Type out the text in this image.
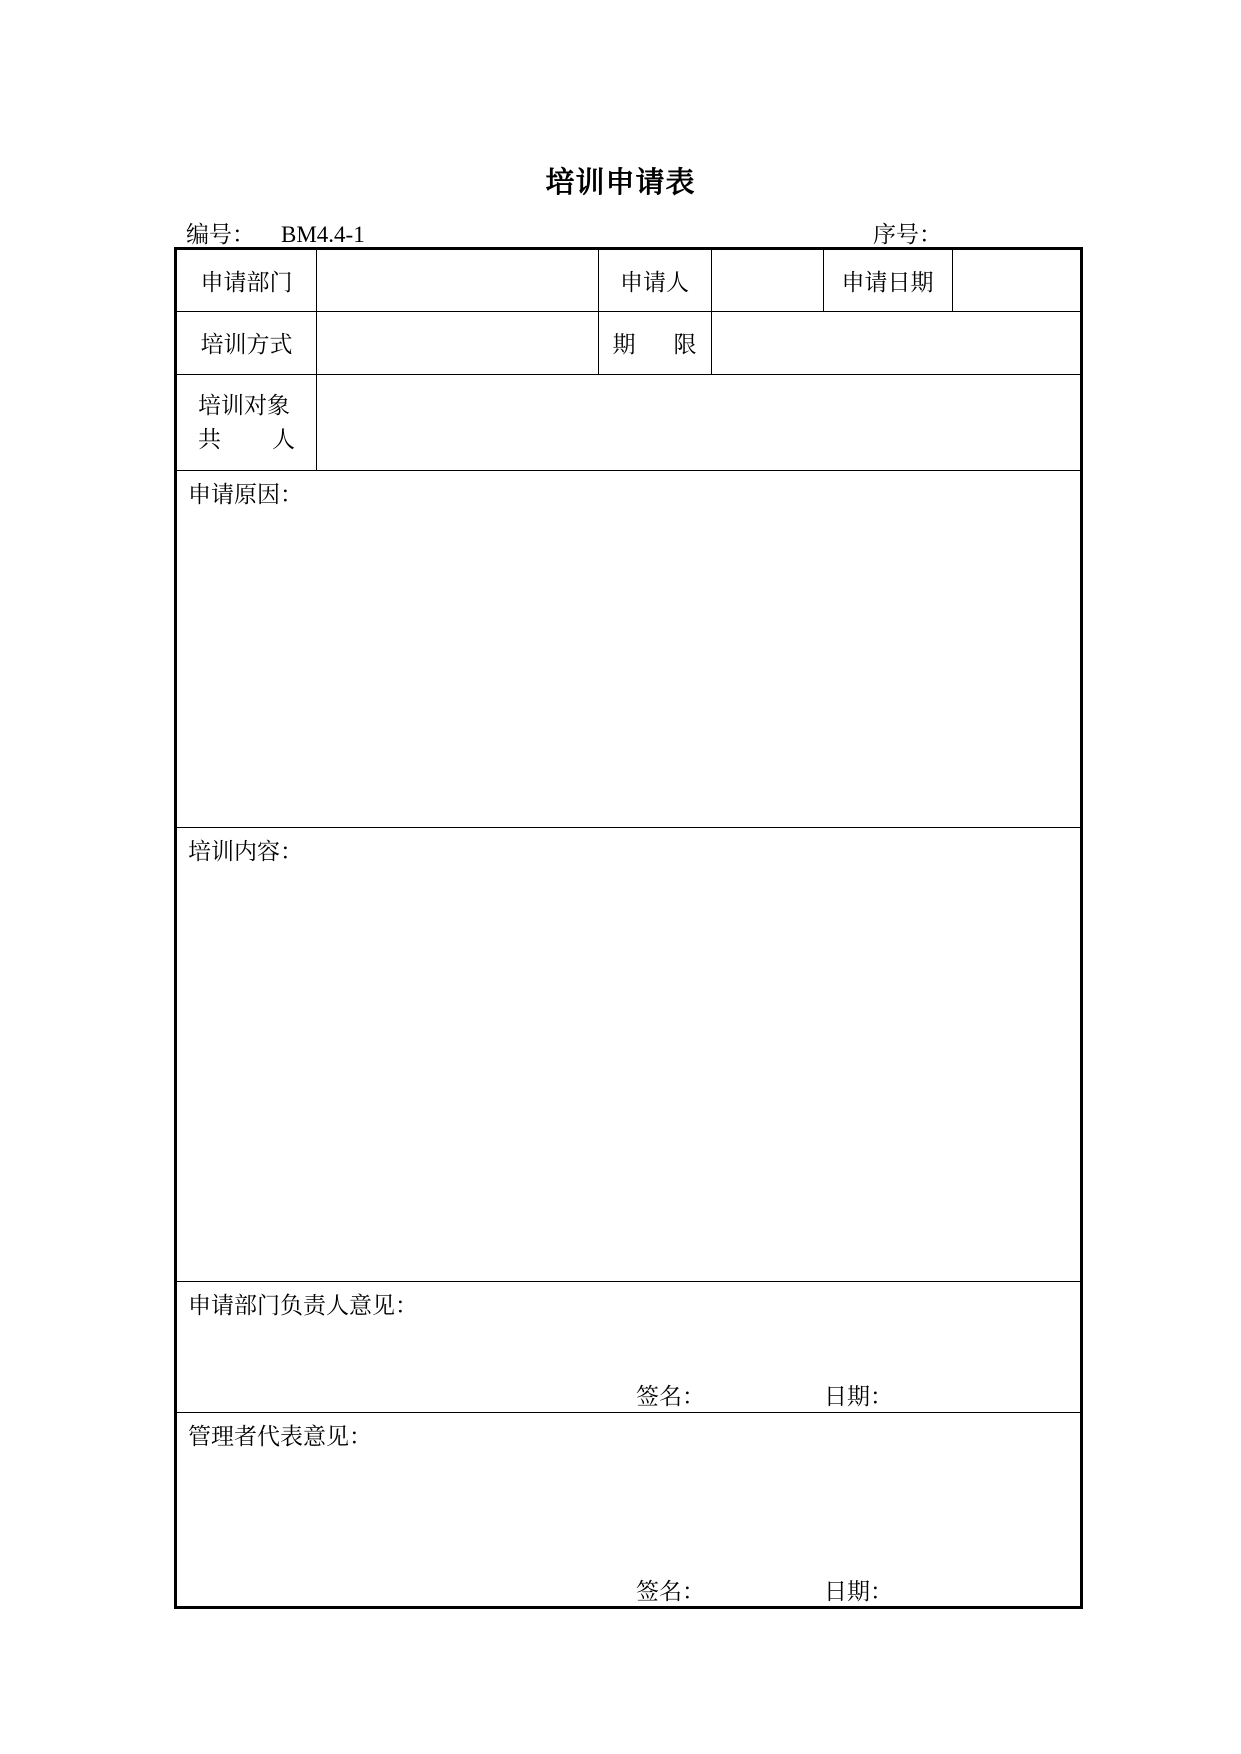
培训申请表
编号： BM4.4-1	序号：
申请部门	申请人	申请日期
培训方式	期 限
培训对象
共 人
申请原因：
培训内容：
申请部门负责人意见：
签名：	日期：
管理者代表意见：
签名：	日期：
